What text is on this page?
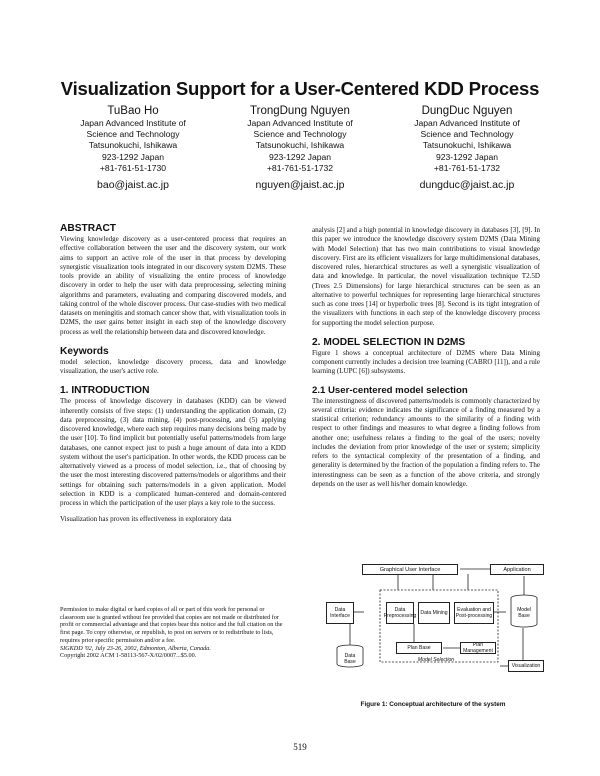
Visualization Support for a User-Centered KDD Process
TuBao Ho
Japan Advanced Institute of
Science and Technology
Tatsunokuchi, Ishikawa
923-1292 Japan
+81-761-51-1730
bao@jaist.ac.jp
TrongDung Nguyen
Japan Advanced Institute of
Science and Technology
Tatsunokuchi, Ishikawa
923-1292 Japan
+81-761-51-1732
nguyen@jaist.ac.jp
DungDuc Nguyen
Japan Advanced Institute of
Science and Technology
Tatsunokuchi, Ishikawa
923-1292 Japan
+81-761-51-1732
dungduc@jaist.ac.jp
ABSTRACT

Viewing knowledge discovery as a user-centered process that requires an effective collaboration between the user and the discovery system, our work aims to support an active role of the user in that process by developing synergistic visualization tools integrated in our discovery system D2MS. These tools provide an ability of visualizing the entire process of knowledge discovery in order to help the user with data preprocessing, selecting mining algorithms and parameters, evaluating and comparing discovered models, and taking control of the whole discover process. Our case-studies with two medical datasets on meningitis and stomach cancer show that, with visualization tools in D2MS, the user gains better insight in each step of the knowledge discovery process as well the relationship between data and discovered knowledge.

Keywords

model selection, knowledge discovery process, data and knowledge visualization, the user's active role.

1. INTRODUCTION

The process of knowledge discovery in databases (KDD) can be viewed inherently consists of five steps: (1) understanding the application domain, (2) data preprocessing, (3) data mining, (4) post-processing, and (5) applying discovered knowledge, where each step requires many decisions being made by the user [10]. To find implicit but potentially useful patterns/models from large databases, one cannot expect just to push a huge amount of data into a KDD system without the user's participation. In other words, the KDD process can be alternatively viewed as a process of model selection, i.e., that of choosing by the user the most interesting discovered patterns/models or algorithms and their settings for obtaining such patterns/models in a given application. Model selection in KDD is a complicated human-centered and domain-centered process in which the participation of the user plays a key role to the success.

Visualization has proven its effectiveness in exploratory data

Permission to make digital or hard copies of all or part of this work for personal or classroom use is granted without fee provided that copies are not made or distributed for profit or commercial advantage and that copies bear this notice and the full citation on the first page. To copy otherwise, or republish, to post on servers or to redistribute to lists, requires prior specific permission and/or a fee.

SIGKDD '02, July 23-26, 2002, Edmonton, Alberta, Canada.

Copyright 2002 ACM 1-58113-567-X/02/0007...$5.00.

analysis [2] and a high potential in knowledge discovery in databases [3], [9]. In this paper we introduce the knowledge discovery system D2MS (Data Mining with Model Selection) that has two main contributions to visual knowledge discovery. First are its efficient visualizers for large multidimensional databases, discovered rules, hierarchical structures as well a synergistic visualization of data and knowledge. In particular, the novel visualization technique T2.5D (Trees 2.5 Dimensions) for large hierarchical structures can be seen as an alternative to powerful techniques for representing large hierarchical structures such as cone trees [14] or hyperbolic trees [8]. Second is its tight integration of the visualizers with functions in each step of the knowledge discovery process for supporting the model selection purpose.

2. MODEL SELECTION IN D2MS

Figure 1 shows a conceptual architecture of D2MS where Data Mining component currently includes a decision tree learning (CABRO [11]), and a rule learning (LUPC [6]) subsystems.

2.1 User-centered model selection

The interestingness of discovered patterns/models is commonly characterized by several criteria: evidence indicates the significance of a finding measured by a statistical criterion; redundancy amounts to the similarity of a finding with respect to other findings and measures to what degree a finding follows from another one; usefulness relates a finding to the goal of the users; novelty includes the deviation from prior knowledge of the user or system; simplicity refers to the syntactical complexity of the presentation of a finding, and generality is determined by the fraction of the population a finding refers to. The interestingness can be seen as a function of the above criteria, and strongly depends on the user as well his/her domain knowledge.

Graphical User Interface	Application
Data Interface
Data Preprocessing Data Mining	Evaluation and Post-processing
Model Base
Data Base
Plan Base	Plan Management
Visualization
Model Selection
Figure 1: Conceptual architecture of the system
519
